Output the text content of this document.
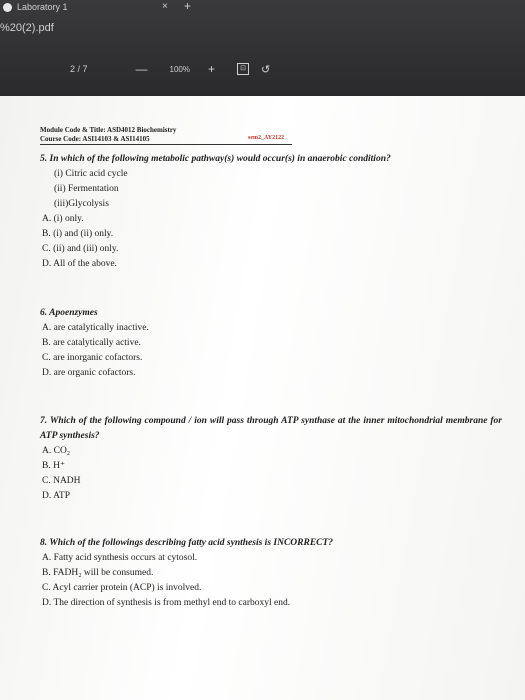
Laboratory 1	× +
%20(2).pdf
2 / 7	—	100% +	⊡ ↺
Module Code & Title: ASD4012 Biochemistry
Course Code: ASI14103 & ASI14105	sem2_AY2122
5. In which of the following metabolic pathway(s) would occur(s) in anaerobic condition?
(i) Citric acid cycle
(ii) Fermentation
(iii)Glycolysis
A. (i) only.
B. (i) and (ii) only.
C. (ii) and (iii) only.
D. All of the above.
6. Apoenzymes
A. are catalytically inactive.
B. are catalytically active.
C. are inorganic cofactors.
D. are organic cofactors.
7. Which of the following compound / ion will pass through ATP synthase at the inner mitochondrial membrane for ATP synthesis?
A. CO₂
B. H⁺
C. NADH
D. ATP
8. Which of the followings describing fatty acid synthesis is INCORRECT?
A. Fatty acid synthesis occurs at cytosol.
B. FADH₂ will be consumed.
C. Acyl carrier protein (ACP) is involved.
D. The direction of synthesis is from methyl end to carboxyl end.
